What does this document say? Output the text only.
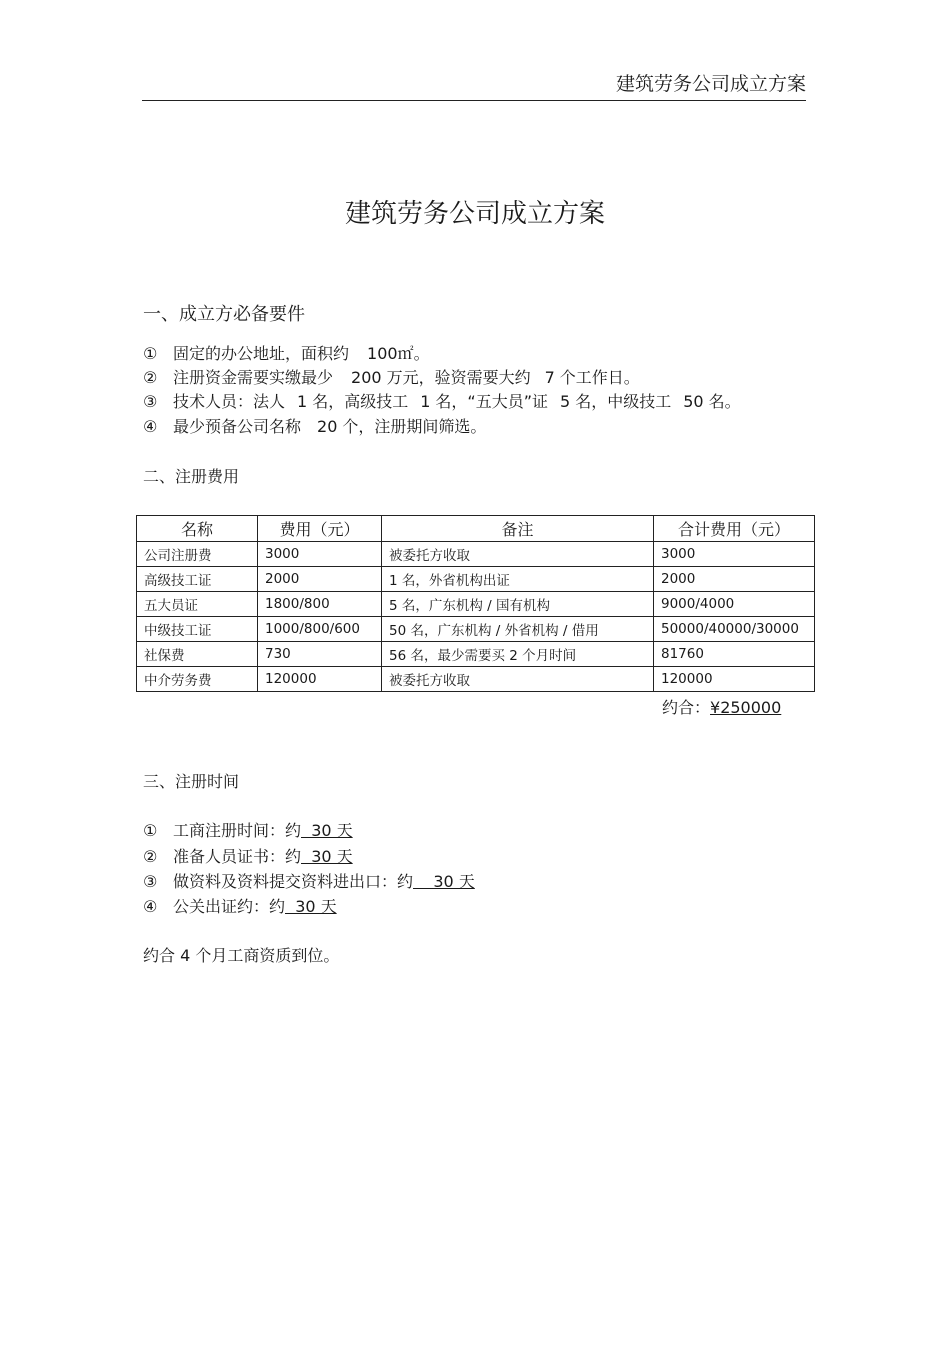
建筑劳务公司成立方案
建筑劳务公司成立方案
一、成立方必备要件
① 固定的办公地址，面积约 100㎡。
② 注册资金需要实缴最少 200 万元，验资需要大约 7 个工作日。
③ 技术人员：法人 1 名，高级技工 1 名，“五大员”证 5 名，中级技工 50 名。
④ 最少预备公司名称 20 个，注册期间筛选。
二、注册费用
名称	费用（元）	备注	合计费用（元）
公司注册费	3000	被委托方收取	3000
高级技工证	2000	1 名，外省机构出证	2000
五大员证	1800/800	5 名，广东机构 / 国有机构	9000/4000
中级技工证	1000/800/600	50 名，广东机构 / 外省机构 / 借用	50000/40000/30000
社保费	730	56 名，最少需要买 2 个月时间	81760
中介劳务费	120000	被委托方收取	120000
约合：¥250000
三、注册时间
① 工商注册时间：约  30 天
② 准备人员证书：约  30 天
③ 做资料及资料提交资料进出口：约    30 天
④ 公关出证约：约  30 天
约合 4 个月工商资质到位。
